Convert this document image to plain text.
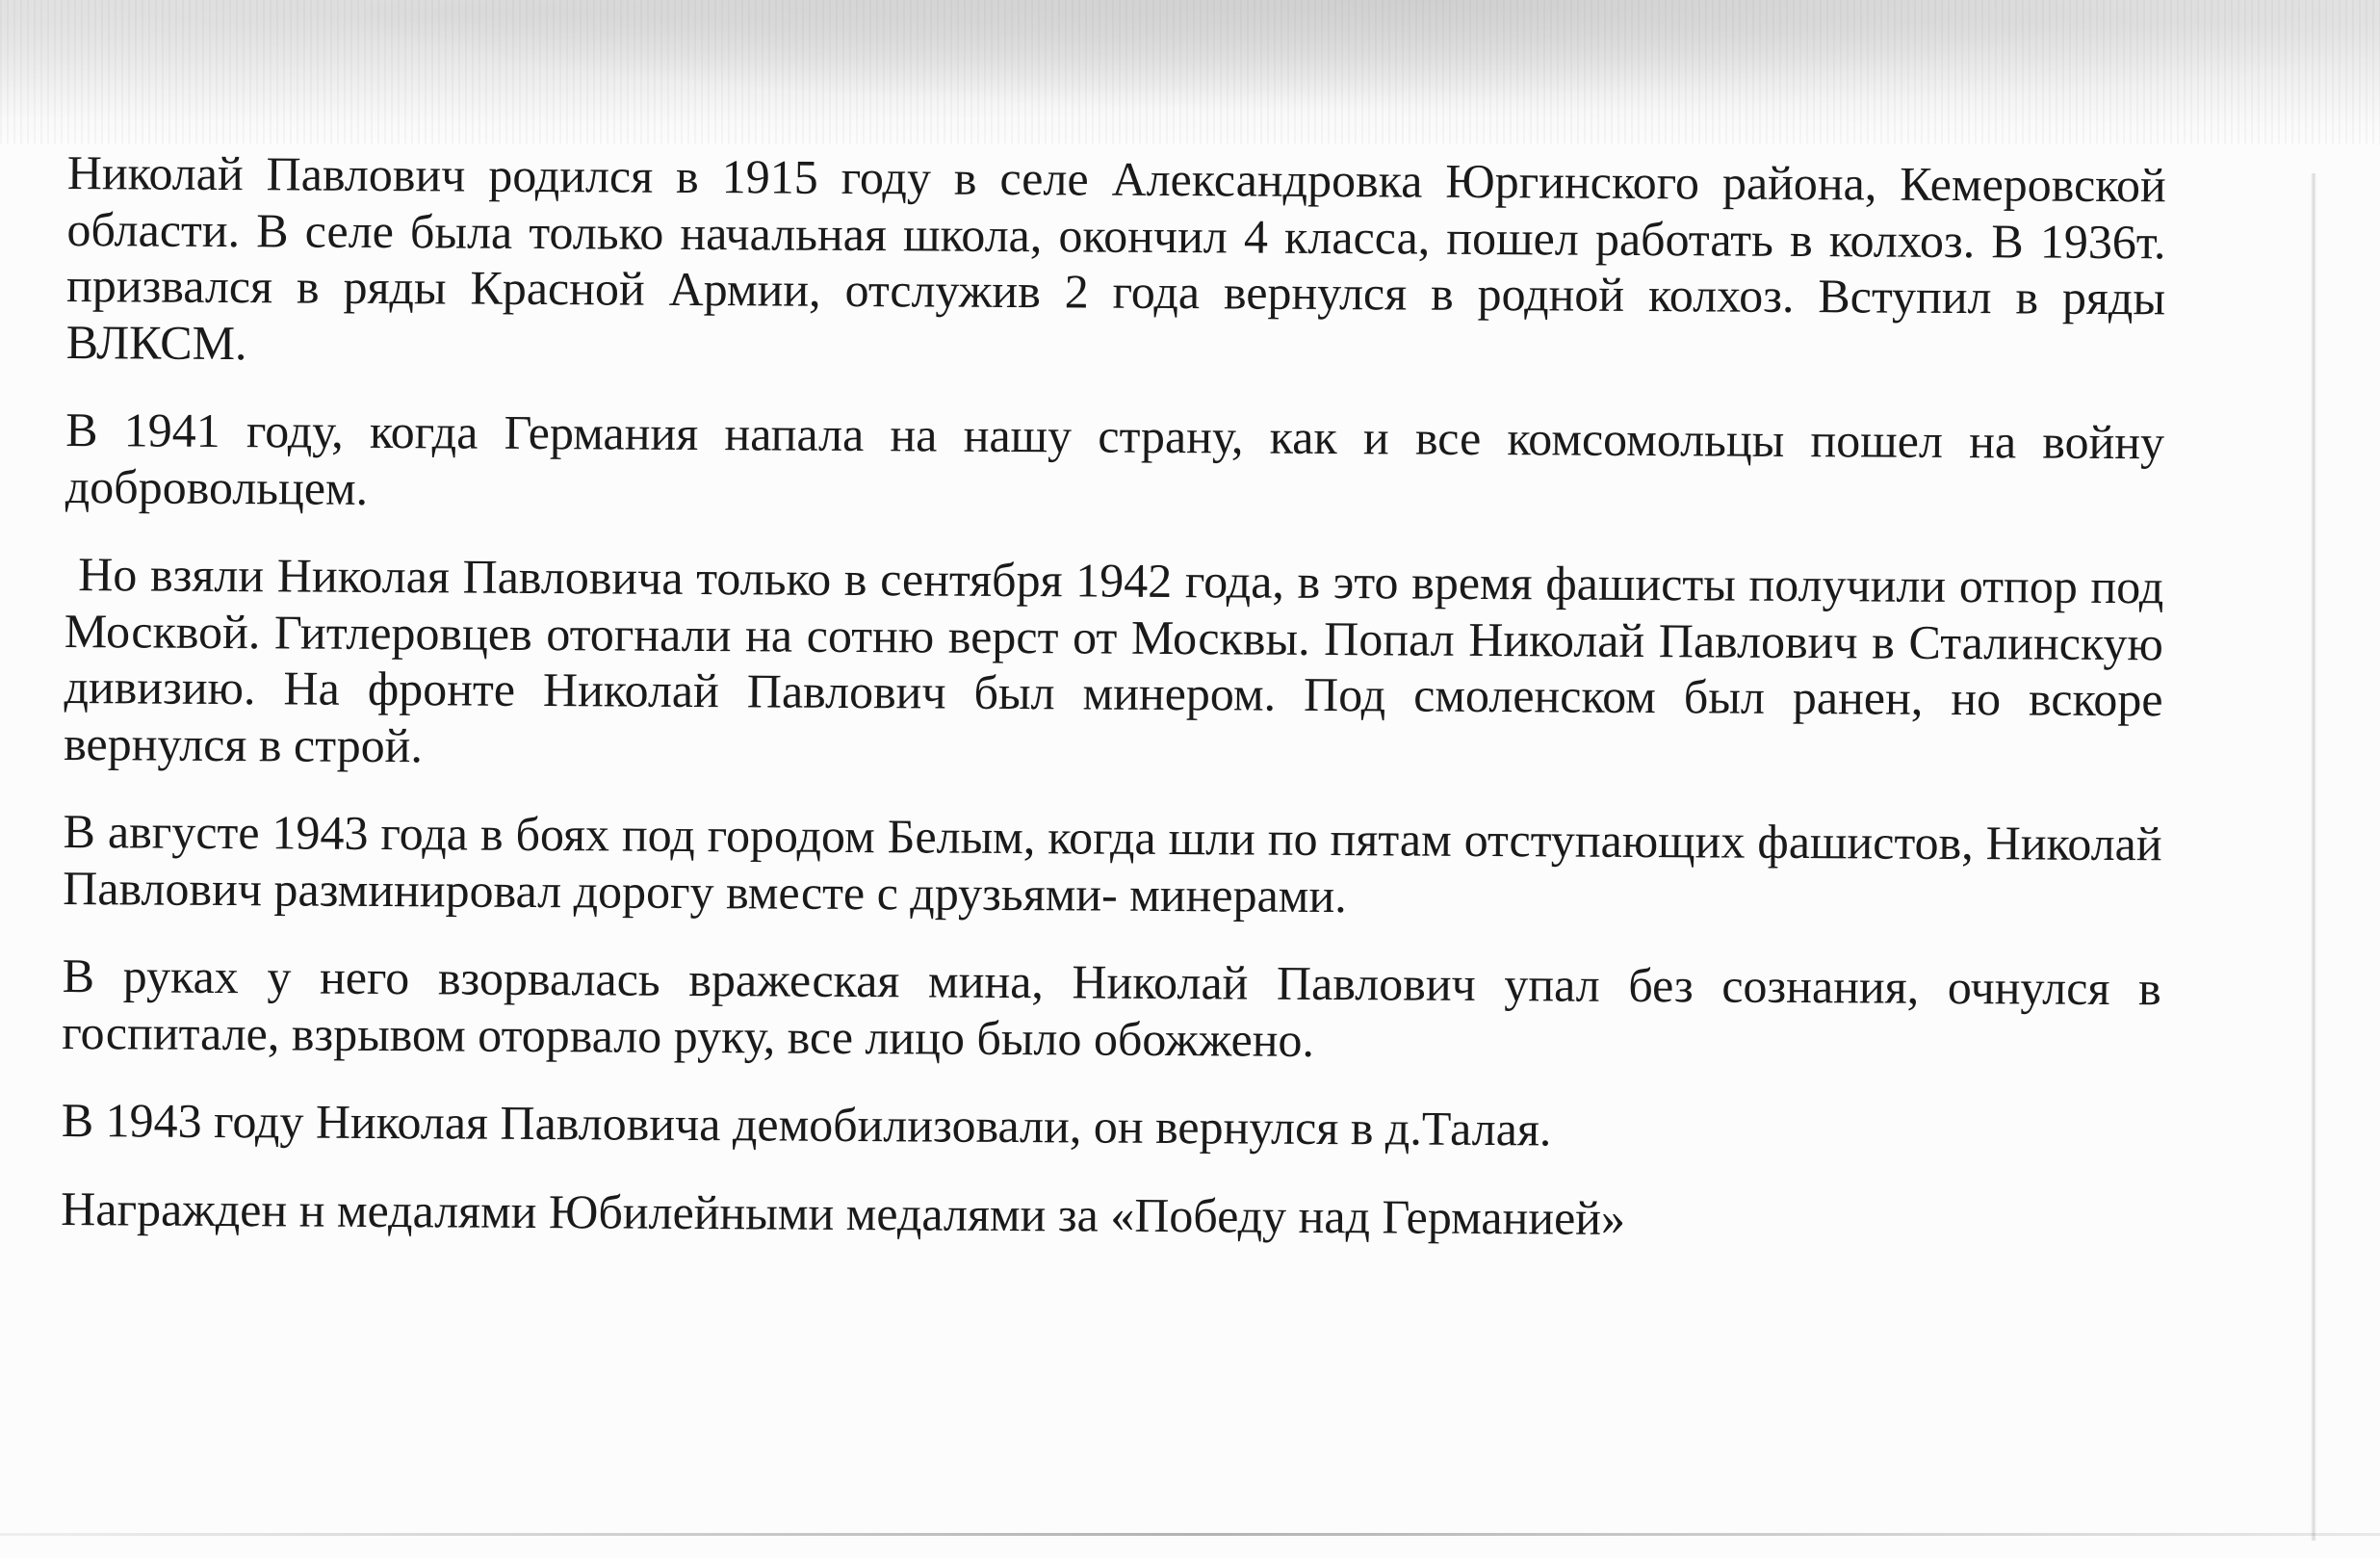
Николай Павлович родился в 1915 году в селе Александровка Юргинского района, Кемеровской области. В селе была только начальная школа, окончил 4 класса, пошел работать в колхоз. В 1936т. призвался в ряды Красной Армии, отслужив 2 года вернулся в родной колхоз. Вступил в ряды ВЛКСМ.

В 1941 году, когда Германия напала на нашу страну, как и все комсомольцы пошел на войну добровольцем.

Но взяли Николая Павловича только в сентября 1942 года, в это время фашисты получили отпор под Москвой. Гитлеровцев отогнали на сотню верст от Москвы. Попал Николай Павлович в Сталинскую дивизию. На фронте Николай Павлович был минером. Под смоленском был ранен, но вскоре вернулся в строй.

В августе 1943 года в боях под городом Белым, когда шли по пятам отступающих фашистов, Николай Павлович разминировал дорогу вместе с друзьями- минерами.

В руках у него взорвалась вражеская мина, Николай Павлович упал без сознания, очнулся в госпитале, взрывом оторвало руку, все лицо было обожжено.

В 1943 году Николая Павловича демобилизовали, он вернулся в д.Талая.

Награжден н медалями Юбилейными медалями за «Победу над Германией»
